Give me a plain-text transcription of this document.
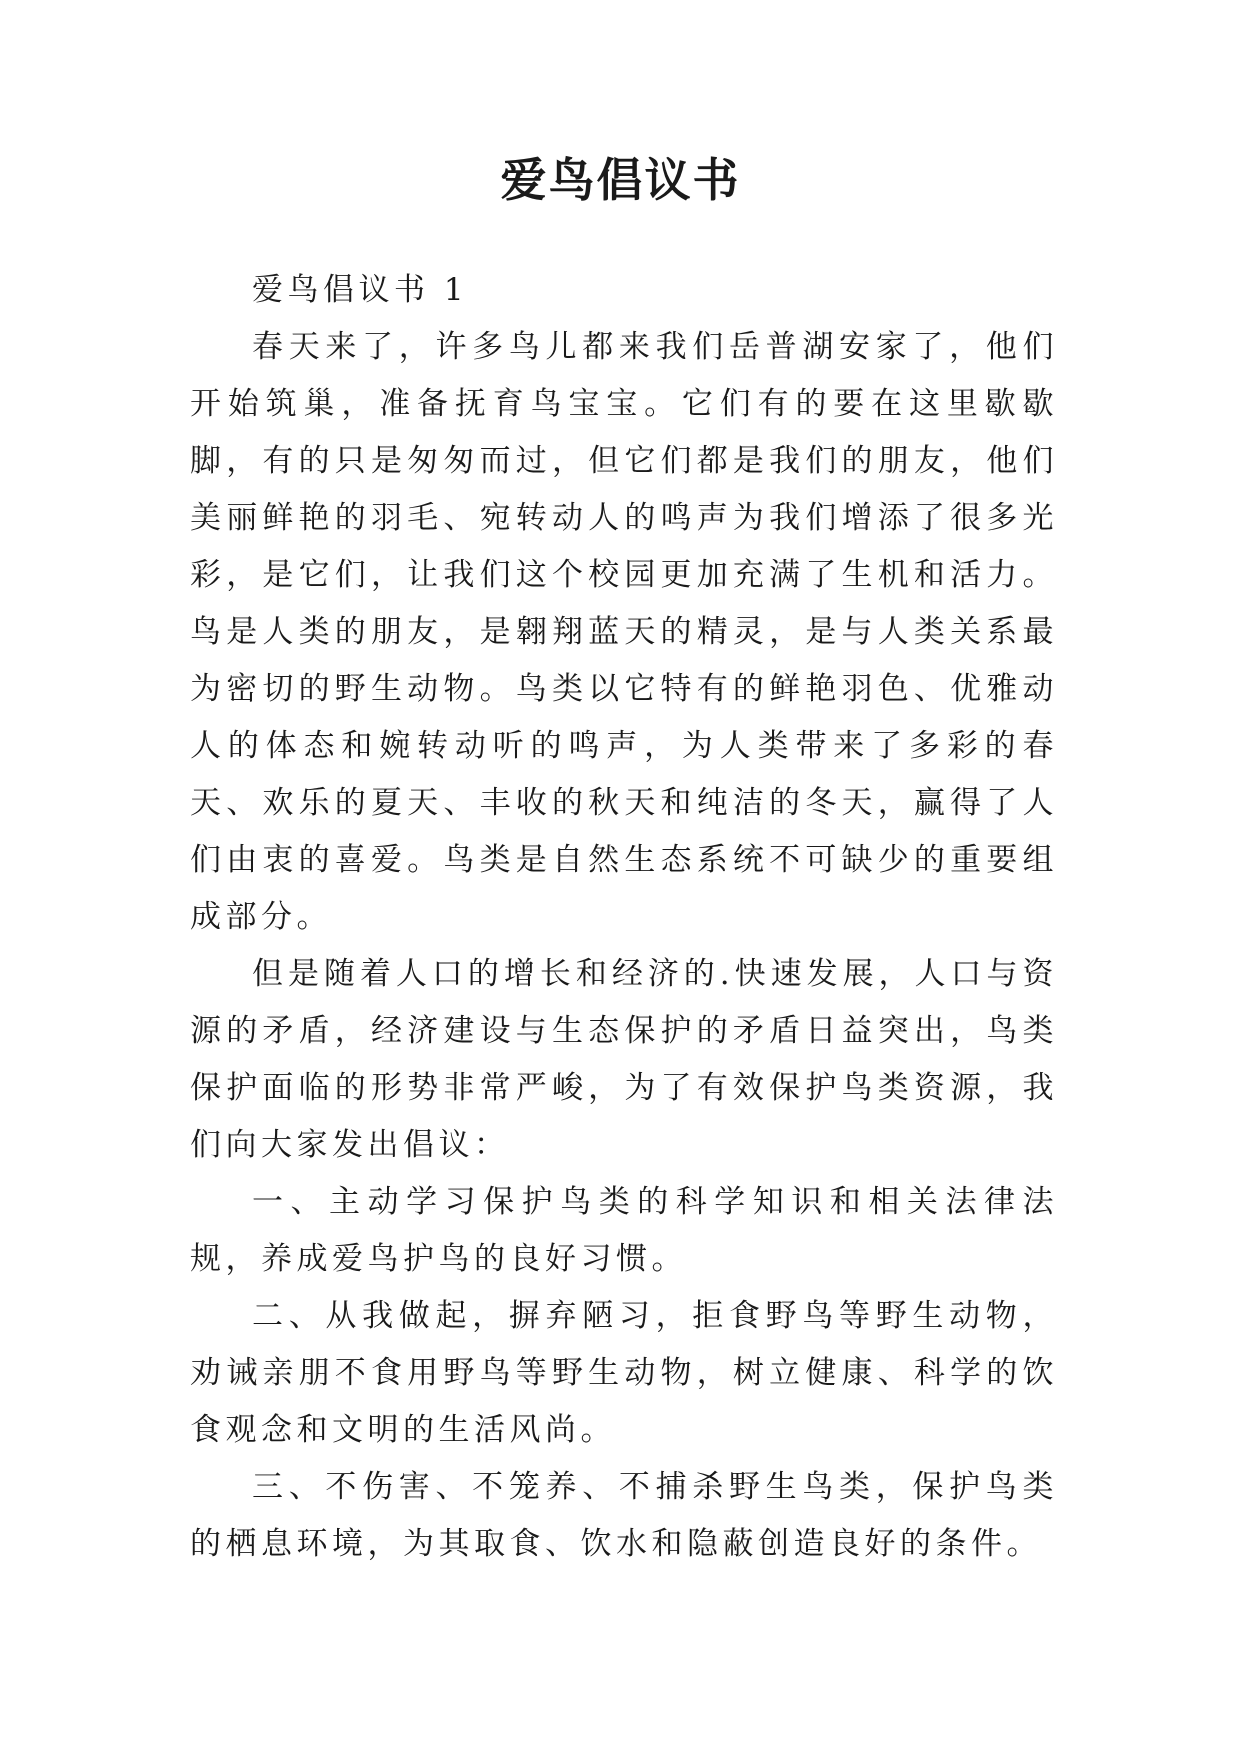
爱鸟倡议书

爱鸟倡议书 1

春天来了，许多鸟儿都来我们岳普湖安家了，他们开始筑巢，准备抚育鸟宝宝。它们有的要在这里歇歇脚，有的只是匆匆而过，但它们都是我们的朋友，他们美丽鲜艳的羽毛、宛转动人的鸣声为我们增添了很多光彩，是它们，让我们这个校园更加充满了生机和活力。鸟是人类的朋友，是翱翔蓝天的精灵，是与人类关系最为密切的野生动物。鸟类以它特有的鲜艳羽色、优雅动人的体态和婉转动听的鸣声，为人类带来了多彩的春天、欢乐的夏天、丰收的秋天和纯洁的冬天，赢得了人们由衷的喜爱。鸟类是自然生态系统不可缺少的重要组成部分。

但是随着人口的增长和经济的.快速发展，人口与资源的矛盾，经济建设与生态保护的矛盾日益突出，鸟类保护面临的形势非常严峻，为了有效保护鸟类资源，我们向大家发出倡议：

一、主动学习保护鸟类的科学知识和相关法律法规，养成爱鸟护鸟的良好习惯。

二、从我做起，摒弃陋习，拒食野鸟等野生动物，劝诫亲朋不食用野鸟等野生动物，树立健康、科学的饮食观念和文明的生活风尚。

三、不伤害、不笼养、不捕杀野生鸟类，保护鸟类的栖息环境，为其取食、饮水和隐蔽创造良好的条件。
